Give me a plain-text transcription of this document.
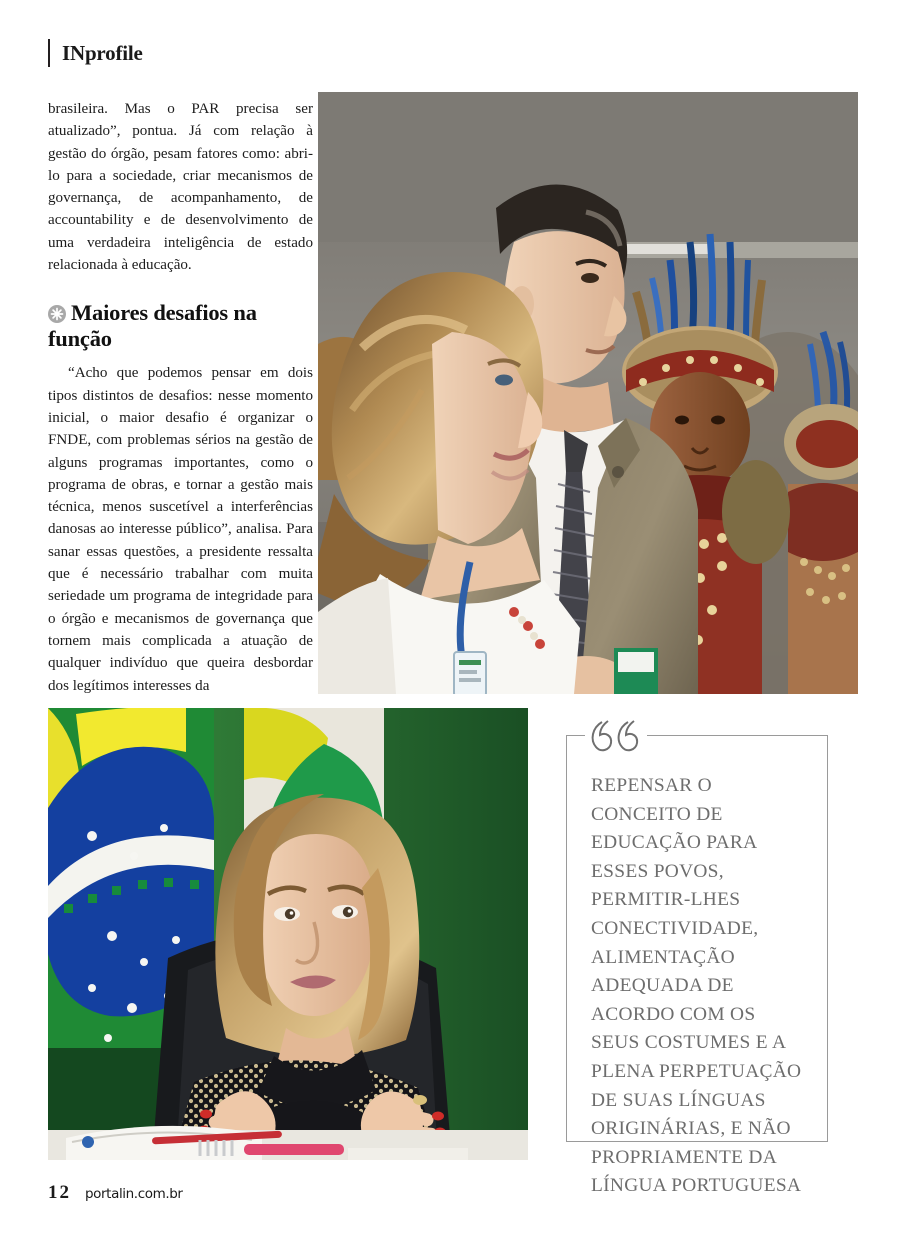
INprofile

brasileira. Mas o PAR precisa ser atualizado”, pontua. Já com relação à gestão do órgão, pesam fatores como: abri-lo para a sociedade, criar mecanismos de governança, de acompanhamento, de accountability e de desenvolvimento de uma verdadeira inteligência de estado relacionada à educação.

Maiores desafios na função

“Acho que podemos pensar em dois tipos distintos de desafios: nesse momento inicial, o maior desafio é organizar o FNDE, com problemas sérios na gestão de alguns programas importantes, como o programa de obras, e tornar a gestão mais técnica, menos suscetível a interferências danosas ao interesse público”, analisa. Para sanar essas questões, a presidente ressalta que é necessário trabalhar com muita seriedade um programa de integridade para o órgão e mecanismos de governança que tornem mais complicada a atuação de qualquer indivíduo que queira desbordar dos legítimos interesses da

REPENSAR O CONCEITO DE EDUCAÇÃO PARA ESSES POVOS, PERMITIR-LHES CONECTIVIDADE, ALIMENTAÇÃO ADEQUADA DE ACORDO COM OS SEUS COSTUMES E A PLENA PERPETUAÇÃO DE SUAS LÍNGUAS ORIGINÁRIAS, E NÃO PROPRIAMENTE DA LÍNGUA PORTUGUESA
12 portalin.com.br
